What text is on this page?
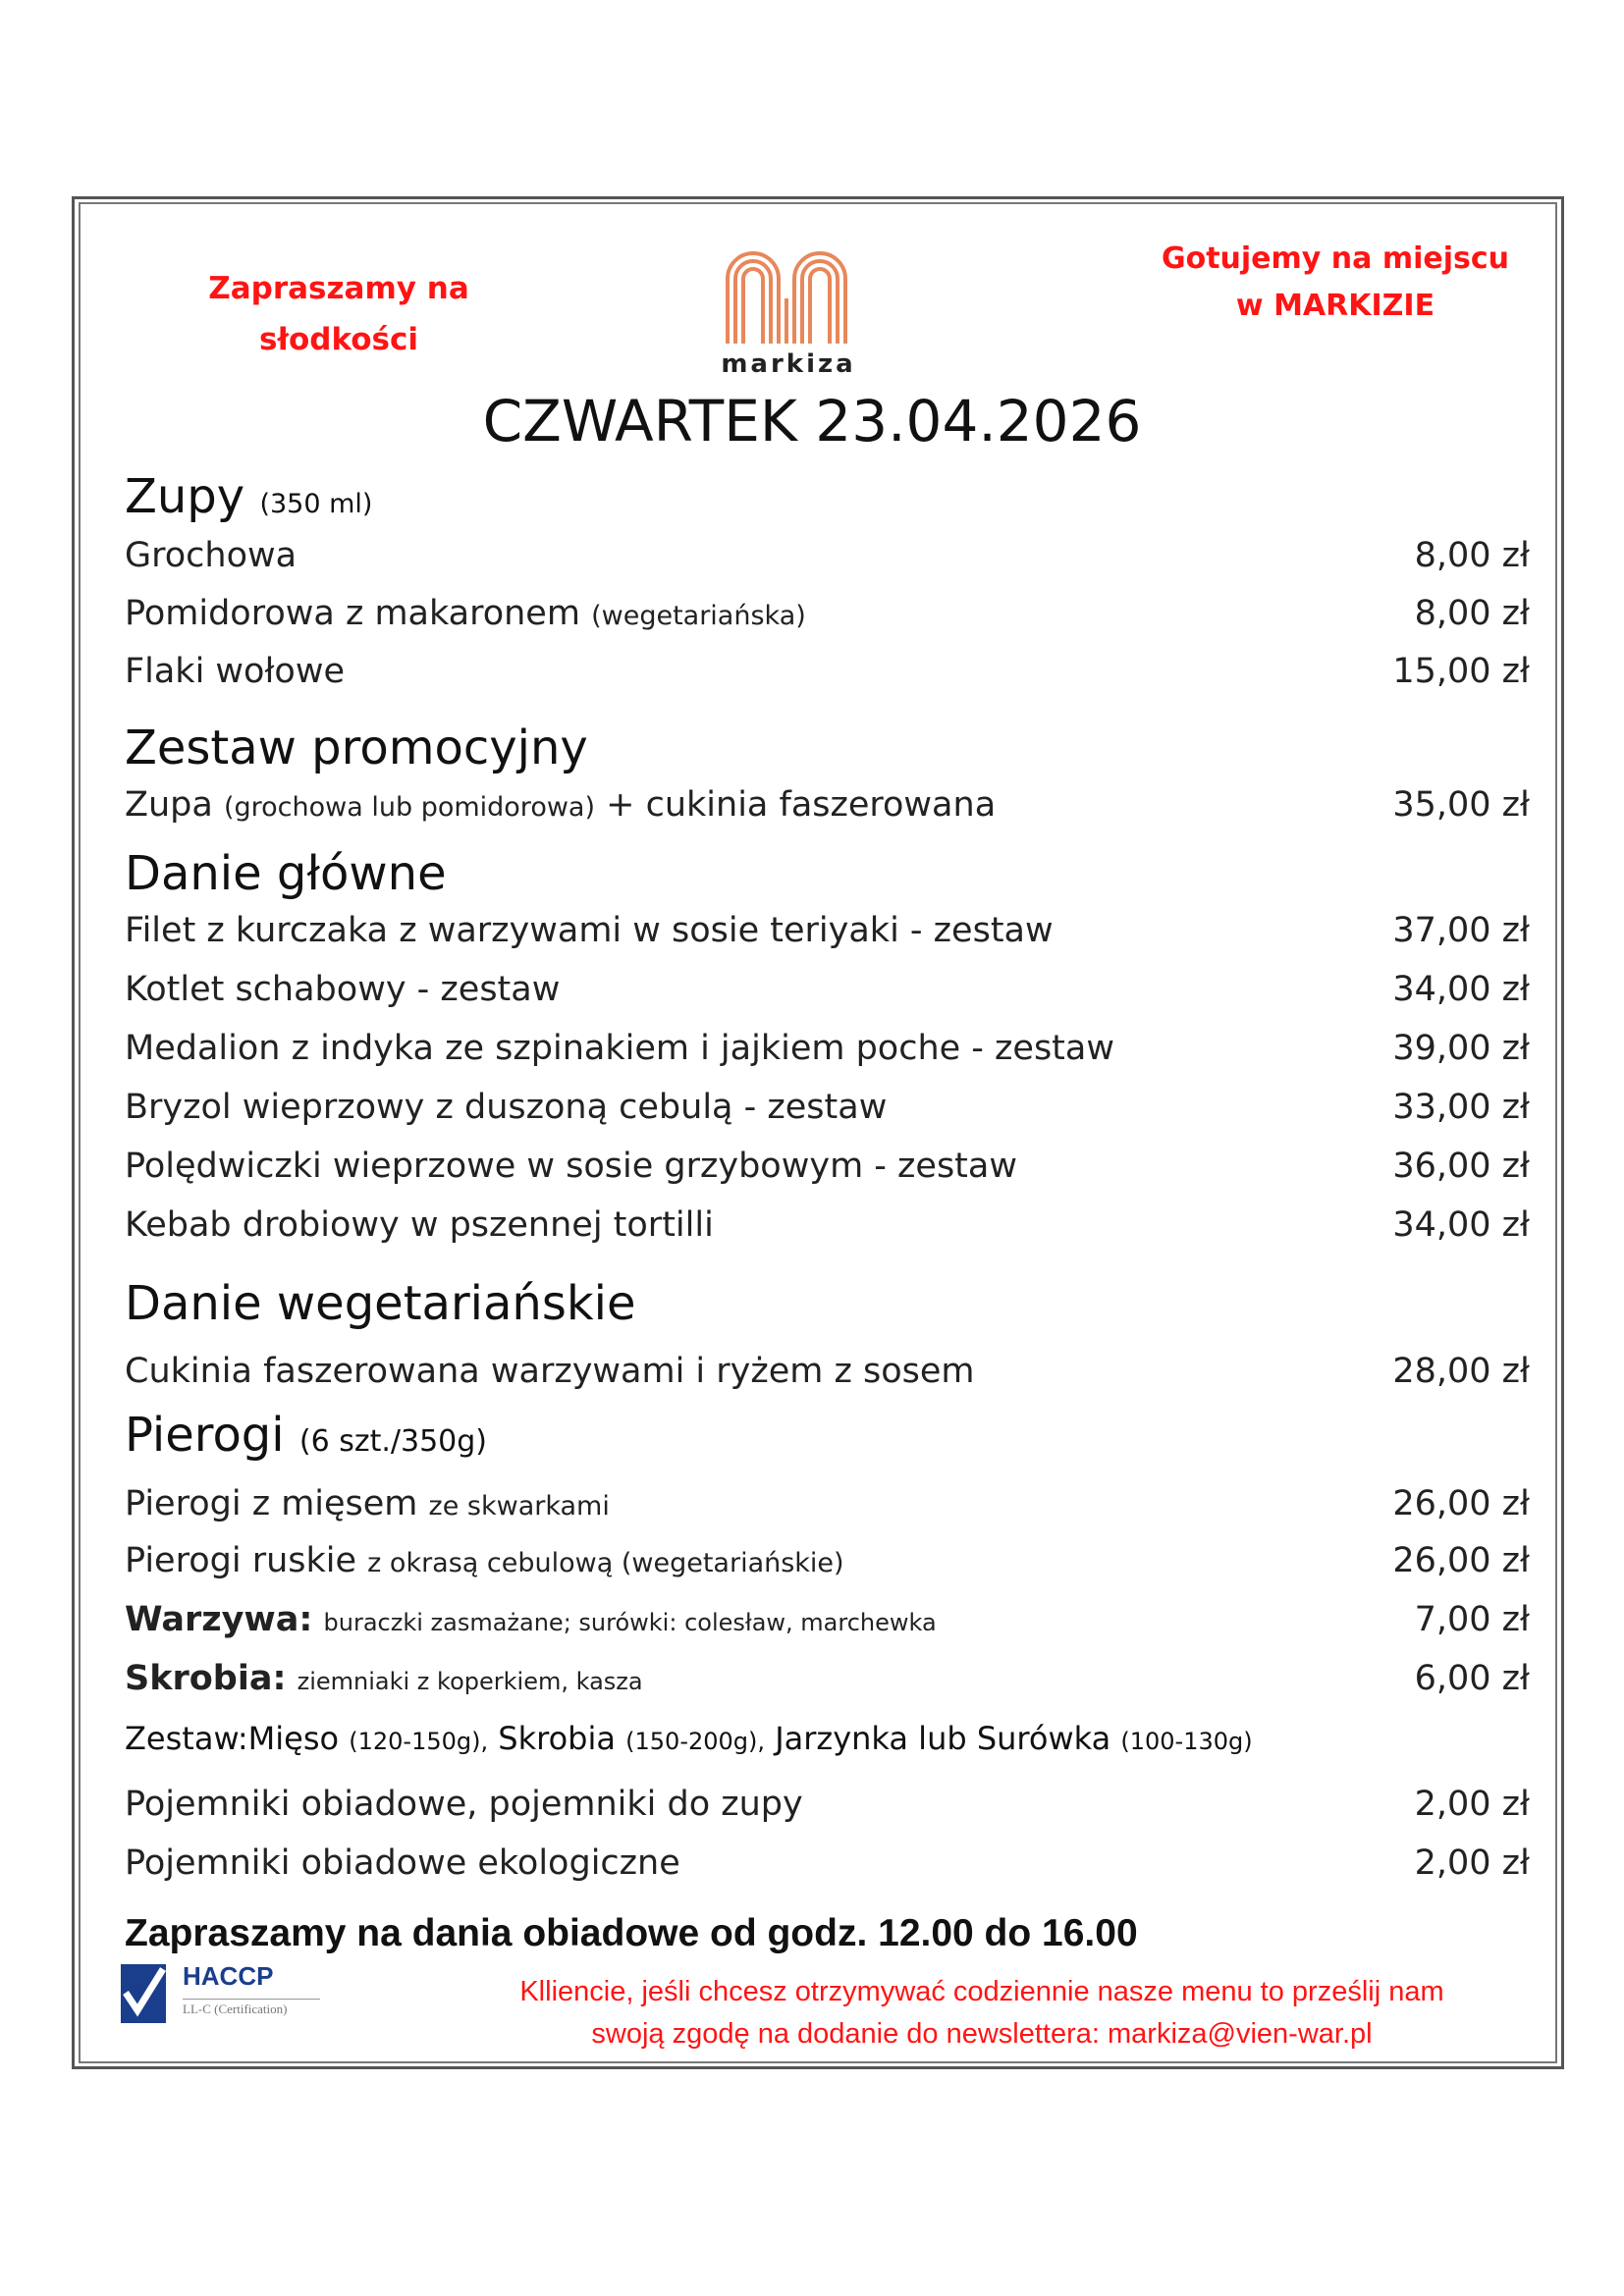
Zapraszamy na
słodkości
markiza
Gotujemy na miejscu
w MARKIZIE
CZWARTEK 23.04.2026
Zupy (350 ml)
Grochowa	8,00 zł
Pomidorowa z makaronem (wegetariańska)	8,00 zł
Flaki wołowe	15,00 zł
Zestaw promocyjny
Zupa (grochowa lub pomidorowa) + cukinia faszerowana	35,00 zł
Danie główne
Filet z kurczaka z warzywami w sosie teriyaki - zestaw	37,00 zł
Kotlet schabowy - zestaw	34,00 zł
Medalion z indyka ze szpinakiem i jajkiem poche - zestaw	39,00 zł
Bryzol wieprzowy z duszoną cebulą - zestaw	33,00 zł
Polędwiczki wieprzowe w sosie grzybowym - zestaw	36,00 zł
Kebab drobiowy w pszennej tortilli	34,00 zł
Danie wegetariańskie
Cukinia faszerowana warzywami i ryżem z sosem	28,00 zł
Pierogi (6 szt./350g)
Pierogi z mięsem ze skwarkami	26,00 zł
Pierogi ruskie z okrasą cebulową (wegetariańskie)	26,00 zł
Warzywa: buraczki zasmażane; surówki: colesław, marchewka	7,00 zł
Skrobia: ziemniaki z koperkiem, kasza	6,00 zł
Zestaw:Mięso (120-150g), Skrobia (150-200g), Jarzynka lub Surówka (100-130g)
Pojemniki obiadowe, pojemniki do zupy	2,00 zł
Pojemniki obiadowe ekologiczne	2,00 zł
Zapraszamy na dania obiadowe od godz. 12.00 do 16.00
HACCP
LL-C (Certification)
Klliencie, jeśli chcesz otrzymywać codziennie nasze menu to prześlij nam
swoją zgodę na dodanie do newslettera: markiza@vien-war.pl
